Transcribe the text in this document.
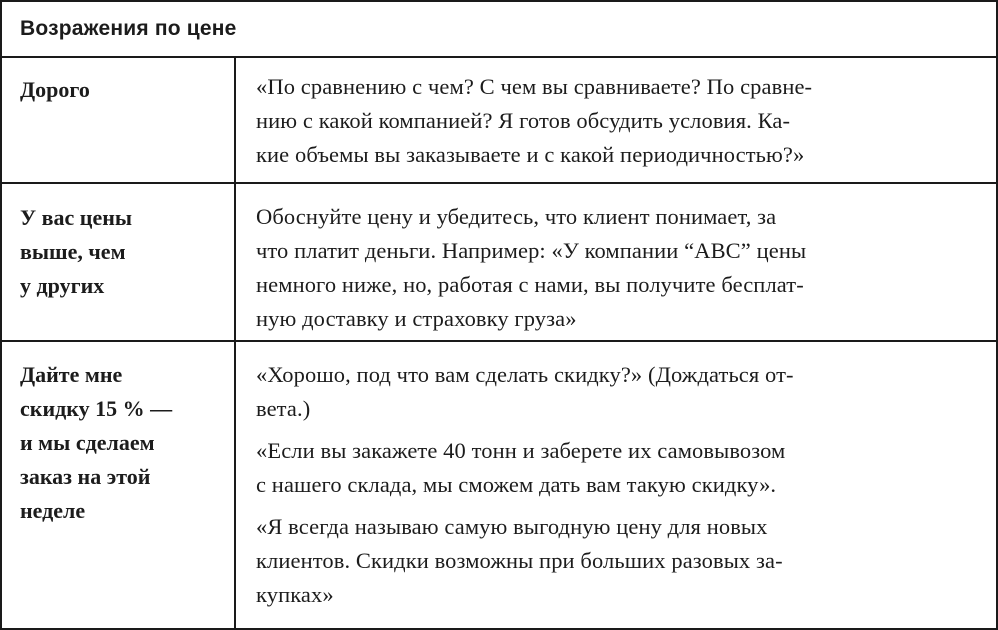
Возражения по цене
Дорого	«По сравнению с чем? С чем вы сравниваете? По сравне-
нию с какой компанией? Я готов обсудить условия. Ка-
кие объемы вы заказываете и с какой периодичностью?»
У вас цены
выше, чем
у других
Обоснуйте цену и убедитесь, что клиент понимает, за
что платит деньги. Например: «У компании “ABC” цены
немного ниже, но, работая с нами, вы получите бесплат-
ную доставку и страховку груза»
Дайте мне
скидку 15 % —
и мы сделаем
заказ на этой
неделе
«Хорошо, под что вам сделать скидку?» (Дождаться от-
вета.)
«Если вы закажете 40 тонн и заберете их самовывозом
с нашего склада, мы сможем дать вам такую скидку».
«Я всегда называю самую выгодную цену для новых
клиентов. Скидки возможны при больших разовых за-
купках»
